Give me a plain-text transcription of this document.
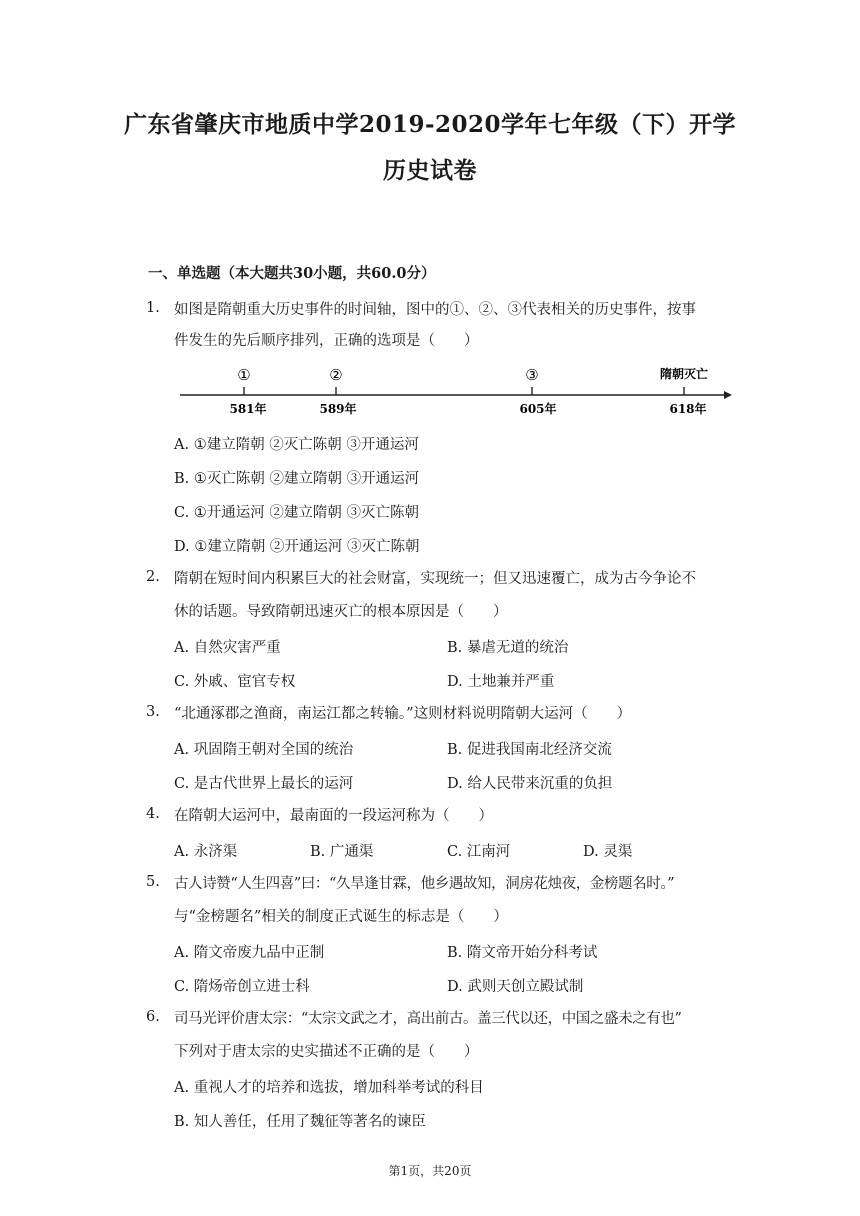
广东省肇庆市地质中学2019-2020学年七年级（下）开学
历史试卷
一、单选题（本大题共30小题，共60.0分）
1. 如图是隋朝重大历史事件的时间轴，图中的①、②、③代表相关的历史事件，按事
件发生的先后顺序排列，正确的选项是（　　）
①
581年
②
589年
③
605年
隋朝灭亡
618年
A. ①建立隋朝 ②灭亡陈朝 ③开通运河
B. ①灭亡陈朝 ②建立隋朝 ③开通运河
C. ①开通运河 ②建立隋朝 ③灭亡陈朝
D. ①建立隋朝 ②开通运河 ③灭亡陈朝
2. 隋朝在短时间内积累巨大的社会财富，实现统一；但又迅速覆亡，成为古今争论不
休的话题。导致隋朝迅速灭亡的根本原因是（　　）
A. 自然灾害严重	B. 暴虐无道的统治
C. 外戚、宦官专权	D. 土地兼并严重
3. “北通涿郡之渔商，南运江都之转输。”这则材料说明隋朝大运河（　　）
A. 巩固隋王朝对全国的统治	B. 促进我国南北经济交流
C. 是古代世界上最长的运河	D. 给人民带来沉重的负担
4. 在隋朝大运河中，最南面的一段运河称为（　　）
A. 永济渠	B. 广通渠	C. 江南河	D. 灵渠
5. 古人诗赞“人生四喜”曰：“久旱逢甘霖，他乡遇故知，洞房花烛夜，金榜题名时。”
与“金榜题名”相关的制度正式诞生的标志是（　　）
A. 隋文帝废九品中正制	B. 隋文帝开始分科考试
C. 隋炀帝创立进士科	D. 武则天创立殿试制
6. 司马光评价唐太宗：“太宗文武之才，高出前古。盖三代以还，中国之盛未之有也”
下列对于唐太宗的史实描述不正确的是（　　）
A. 重视人才的培养和选拔，增加科举考试的科目
B. 知人善任，任用了魏征等著名的谏臣
第1页，共20页
